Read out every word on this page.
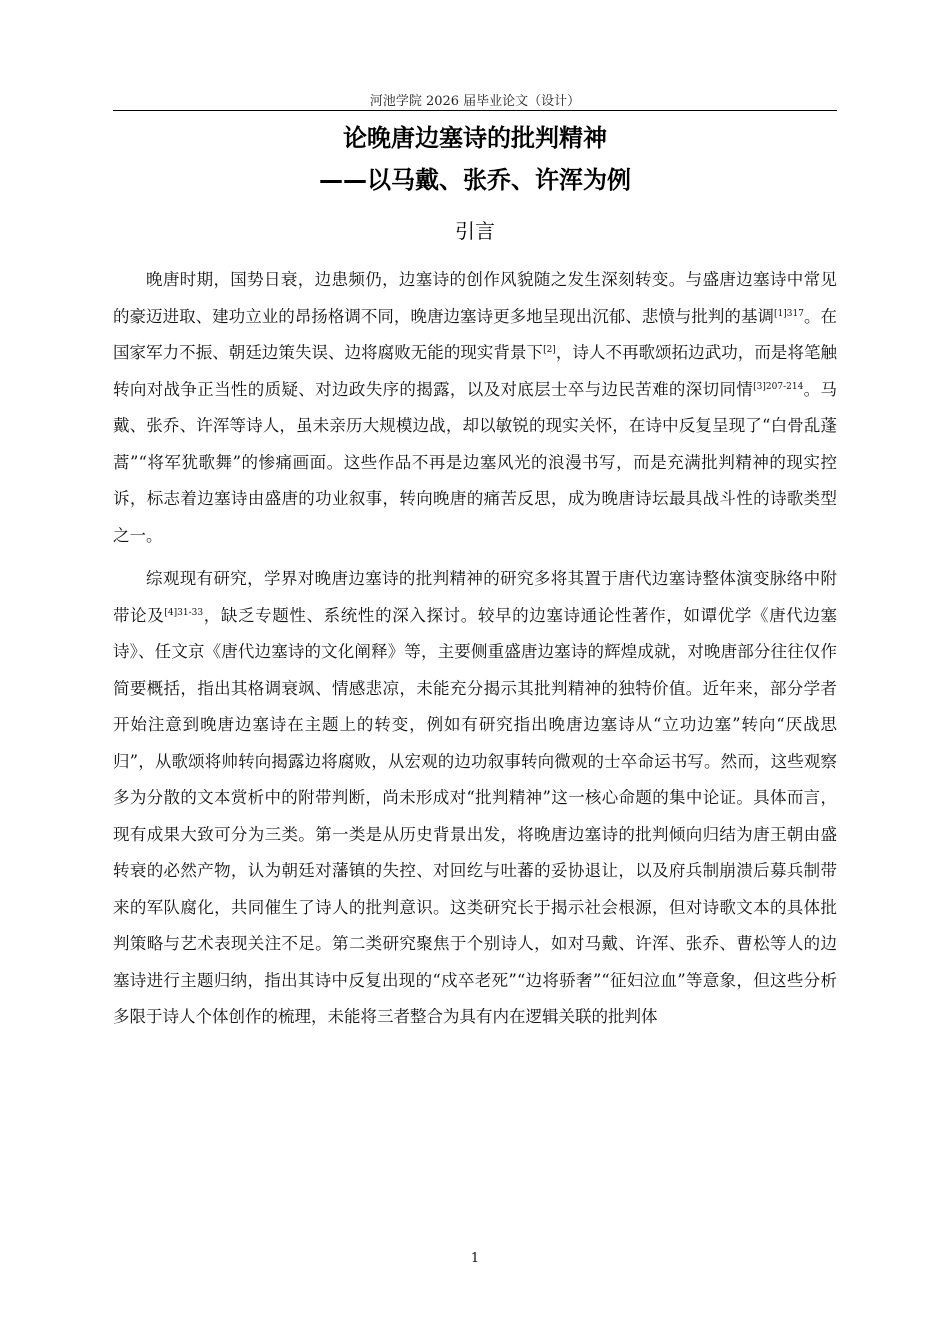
河池学院 2026 届毕业论文（设计）
论晚唐边塞诗的批判精神
——以马戴、张乔、许浑为例
引言

晚唐时期，国势日衰，边患频仍，边塞诗的创作风貌随之发生深刻转变。与盛唐边塞诗中常见的豪迈进取、建功立业的昂扬格调不同，晚唐边塞诗更多地呈现出沉郁、悲愤与批判的基调$^{[1]317}$。在国家军力不振、朝廷边策失误、边将腐败无能的现实背景下[2]，诗人不再歌颂拓边武功，而是将笔触转向对战争正当性的质疑、对边政失序的揭露，以及对底层士卒与边民苦难的深切同情$^{[3]207-214}$。马戴、张乔、许浑等诗人，虽未亲历大规模边战，却以敏锐的现实关怀，在诗中反复呈现了“白骨乱蓬蒿”“将军犹歌舞”的惨痛画面。这些作品不再是边塞风光的浪漫书写，而是充满批判精神的现实控诉，标志着边塞诗由盛唐的功业叙事，转向晚唐的痛苦反思，成为晚唐诗坛最具战斗性的诗歌类型之一。

综观现有研究，学界对晚唐边塞诗的批判精神的研究多将其置于唐代边塞诗整体演变脉络中附带论及$^{[4]31-33}$，缺乏专题性、系统性的深入探讨。较早的边塞诗通论性著作，如谭优学《唐代边塞诗》、任文京《唐代边塞诗的文化阐释》等，主要侧重盛唐边塞诗的辉煌成就，对晚唐部分往往仅作简要概括，指出其格调衰飒、情感悲凉，未能充分揭示其批判精神的独特价值。近年来，部分学者开始注意到晚唐边塞诗在主题上的转变，例如有研究指出晚唐边塞诗从“立功边塞”转向“厌战思归”，从歌颂将帅转向揭露边将腐败，从宏观的边功叙事转向微观的士卒命运书写。然而，这些观察多为分散的文本赏析中的附带判断，尚未形成对“批判精神”这一核心命题的集中论证。具体而言，现有成果大致可分为三类。第一类是从历史背景出发，将晚唐边塞诗的批判倾向归结为唐王朝由盛转衰的必然产物，认为朝廷对藩镇的失控、对回纥与吐蕃的妥协退让，以及府兵制崩溃后募兵制带来的军队腐化，共同催生了诗人的批判意识。这类研究长于揭示社会根源，但对诗歌文本的具体批判策略与艺术表现关注不足。第二类研究聚焦于个别诗人，如对马戴、许浑、张乔、曹松等人的边塞诗进行主题归纳，指出其诗中反复出现的“戍卒老死”“边将骄奢”“征妇泣血”等意象，但这些分析多限于诗人个体创作的梳理，未能将三者整合为具有内在逻辑关联的批判体

1
